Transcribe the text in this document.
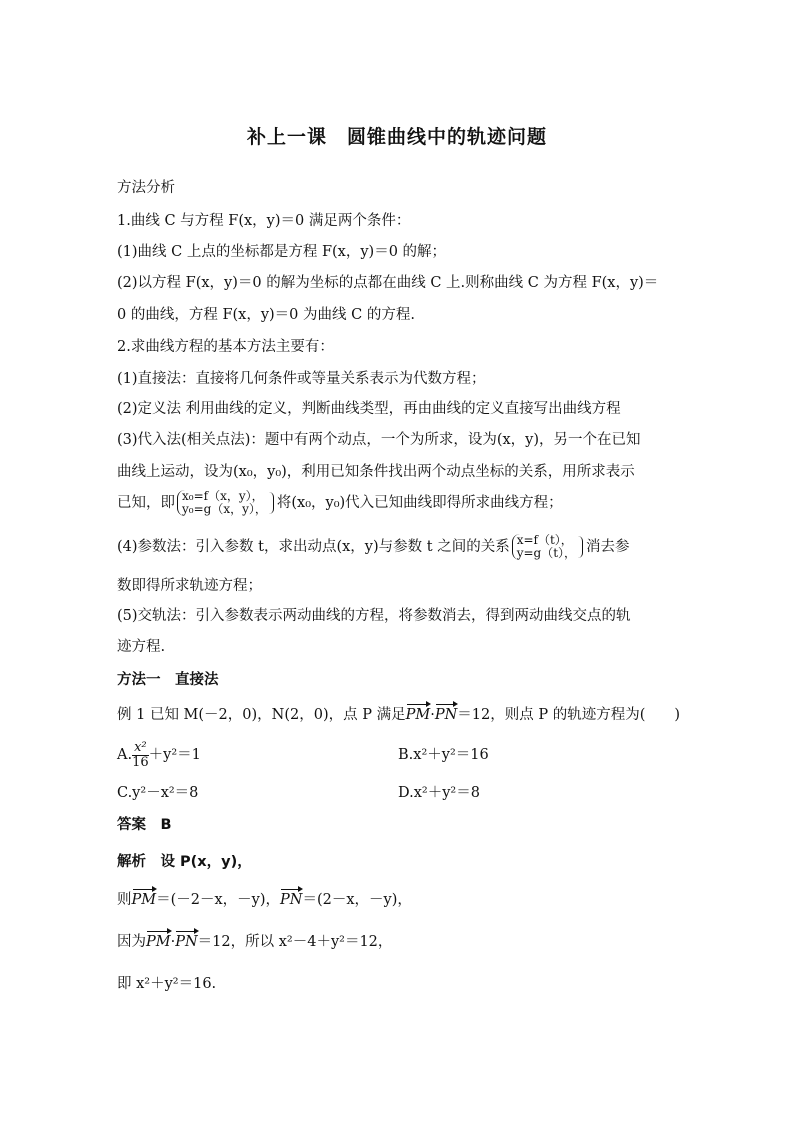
补上一课　圆锥曲线中的轨迹问题
方法分析
1.曲线 C 与方程 F(x，y)＝0 满足两个条件：
(1)曲线 C 上点的坐标都是方程 F(x，y)＝0 的解；
(2)以方程 F(x，y)＝0 的解为坐标的点都在曲线 C 上.则称曲线 C 为方程 F(x，y)＝
0 的曲线，方程 F(x，y)＝0 为曲线 C 的方程.
2.求曲线方程的基本方法主要有：
(1)直接法：直接将几何条件或等量关系表示为代数方程；
(2)定义法 利用曲线的定义，判断曲线类型，再由曲线的定义直接写出曲线方程
(3)代入法(相关点法)：题中有两个动点，一个为所求，设为(x，y)，另一个在已知
曲线上运动，设为(x₀，y₀)，利用已知条件找出两个动点坐标的关系，用所求表示
已知，即 x₀=f（x，y），
y₀=g（x，y）， 将(x₀，y₀)代入已知曲线即得所求曲线方程；
(4)参数法：引入参数 t，求出动点(x，y)与参数 t 之间的关系 x=f（t），
y=g（t）， 消去参
数即得所求轨迹方程；
(5)交轨法：引入参数表示两动曲线的方程，将参数消去，得到两动曲线交点的轨
迹方程.
方法一　直接法
例 1 已知 M(－2，0)，N(2，0)，点 P 满足PM·PN＝12，则点 P 的轨迹方程为(　　)
A. $\frac{\text{x²}}{16} +y^2=1$	B.x²＋y²＝16
C.y²－x²＝8	D.x²＋y²＝8
答案　B
解析　设 P(x，y)，
则PM＝(－2－x，－y)，PN＝(2－x，－y)，
因为PM·PN＝12，所以 x²－4＋y²＝12，
即 x²＋y²＝16.
